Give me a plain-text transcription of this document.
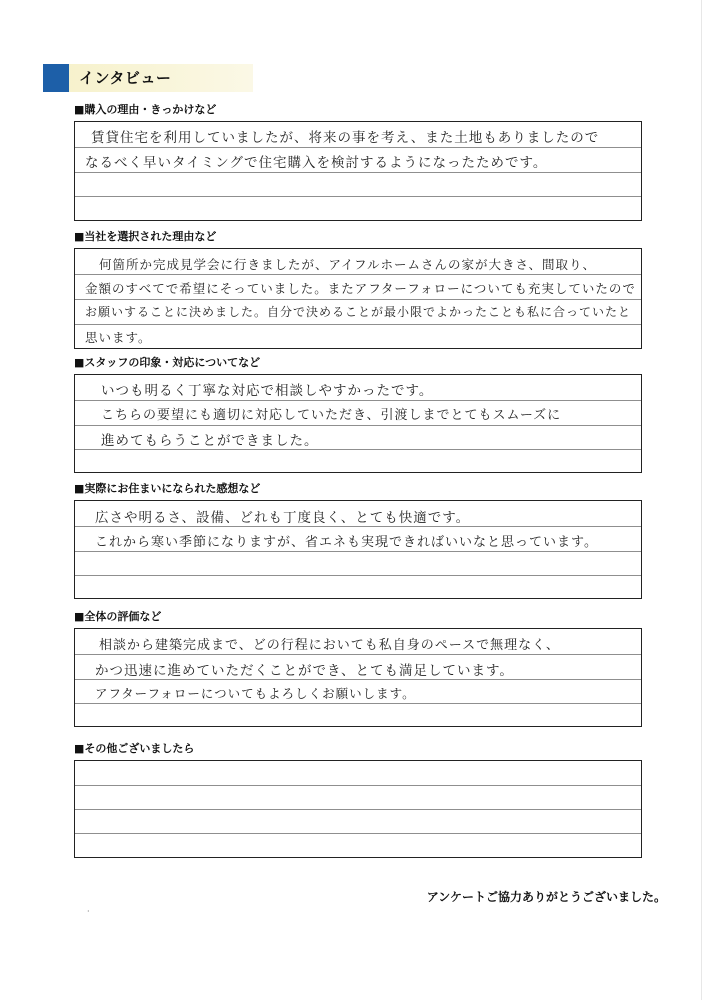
インタビュー
■購入の理由・きっかけなど
賃貸住宅を利用していましたが、将来の事を考え、また土地もありましたので
なるべく早いタイミングで住宅購入を検討するようになったためです。
■当社を選択された理由など
何箇所か完成見学会に行きましたが、アイフルホームさんの家が大きさ、間取り、
金額のすべてで希望にそっていました。またアフターフォローについても充実していたので
お願いすることに決めました。自分で決めることが最小限でよかったことも私に合っていたと
思います。
■スタッフの印象・対応についてなど
いつも明るく丁寧な対応で相談しやすかったです。
こちらの要望にも適切に対応していただき、引渡しまでとてもスムーズに
進めてもらうことができました。
■実際にお住まいになられた感想など
広さや明るさ、設備、どれも丁度良く、とても快適です。
これから寒い季節になりますが、省エネも実現できればいいなと思っています。
■全体の評価など
相談から建築完成まで、どの行程においても私自身のペースで無理なく、
かつ迅速に進めていただくことができ、とても満足しています。
アフターフォローについてもよろしくお願いします。
■その他ございましたら
アンケートご協力ありがとうございました。
·
